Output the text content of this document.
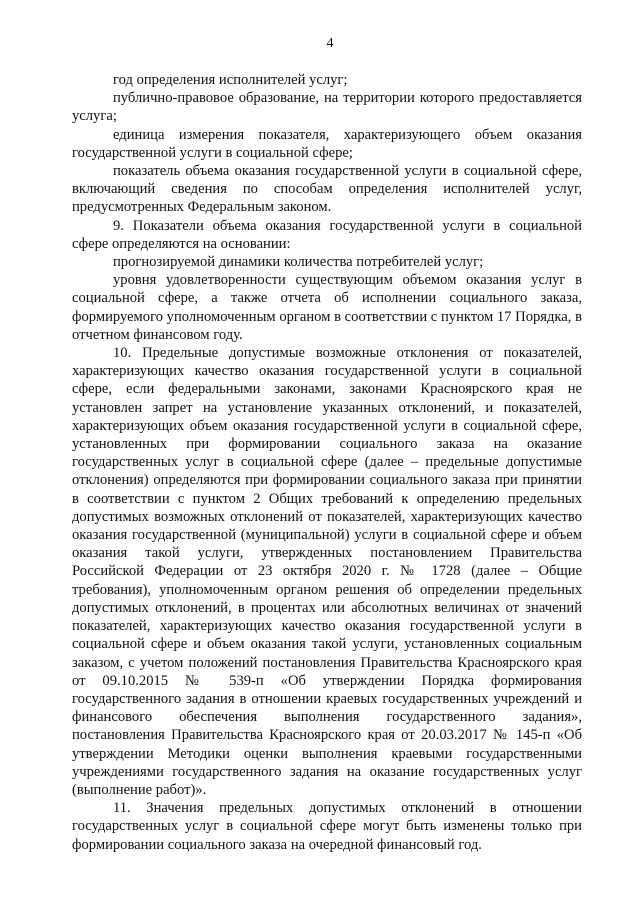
4

год определения исполнителей услуг;

публично-правовое образование, на территории которого предоставляется услуга;

единица измерения показателя, характеризующего объем оказания государственной услуги в социальной сфере;

показатель объема оказания государственной услуги в социальной сфере, включающий сведения по способам определения исполнителей услуг, предусмотренных Федеральным законом.

9. Показатели объема оказания государственной услуги в социальной сфере определяются на основании:

прогнозируемой динамики количества потребителей услуг;

уровня удовлетворенности существующим объемом оказания услуг в социальной сфере, а также отчета об исполнении социального заказа, формируемого уполномоченным органом в соответствии с пунктом 17 Порядка, в отчетном финансовом году.

10. Предельные допустимые возможные отклонения от показателей, характеризующих качество оказания государственной услуги в социальной сфере, если федеральными законами, законами Красноярского края не установлен запрет на установление указанных отклонений, и показателей, характеризующих объем оказания государственной услуги в социальной сфере, установленных при формировании социального заказа на оказание государственных услуг в социальной сфере (далее – предельные допустимые отклонения) определяются при формировании социального заказа при принятии в соответствии с пунктом 2 Общих требований к определению предельных допустимых возможных отклонений от показателей, характеризующих качество оказания государственной (муниципальной) услуги в социальной сфере и объем оказания такой услуги, утвержденных постановлением Правительства Российской Федерации от 23 октября 2020 г. № 1728 (далее – Общие требования), уполномоченным органом решения об определении предельных допустимых отклонений, в процентах или абсолютных величинах от значений показателей, характеризующих качество оказания государственной услуги в социальной сфере и объем оказания такой услуги, установленных социальным заказом, с учетом положений постановления Правительства Красноярского края от 09.10.2015 № 539-п «Об утверждении Порядка формирования государственного задания в отношении краевых государственных учреждений и финансового обеспечения выполнения государственного задания», постановления Правительства Красноярского края от 20.03.2017 № 145-п «Об утверждении Методики оценки выполнения краевыми государственными учреждениями государственного задания на оказание государственных услуг (выполнение работ)».

11. Значения предельных допустимых отклонений в отношении государственных услуг в социальной сфере могут быть изменены только при формировании социального заказа на очередной финансовый год.
